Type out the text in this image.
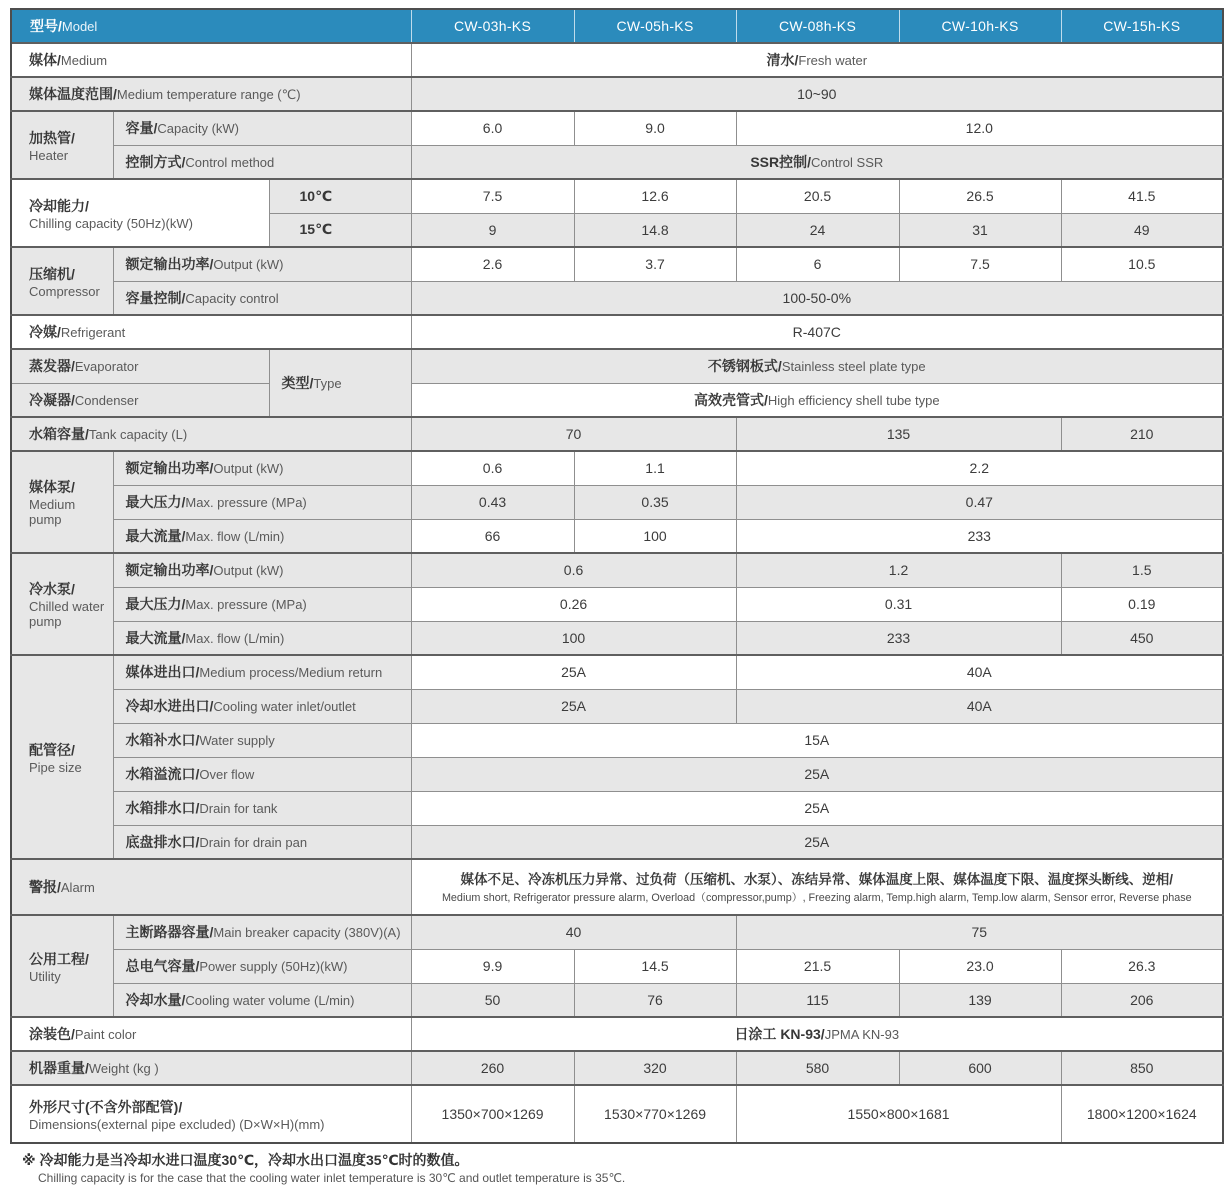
型号/Model			CW-03h-KS	CW-05h-KS	CW-08h-KS	CW-10h-KS	CW-15h-KS
媒体/Medium			清水/Fresh water				
媒体温度范围/Medium temperature range (℃)			10~90				

加热管/
Heater	容量/Capacity (kW)		6.0	9.0	12.0		
	控制方式/Control method		SSR控制/Control SSR				

冷却能力/
Chilling capacity (50Hz)(kW)		10℃	7.5	12.6	20.5	26.5	41.5
		15℃	9	14.8	24	31	49

压缩机/
Compressor	额定输出功率/Output (kW)		2.6	3.7	6	7.5	10.5
	容量控制/Capacity control		100-50-0%				
冷媒/Refrigerant			R-407C				
蒸发器/Evaporator		类型/Type	不锈钢板式/Stainless steel plate type				
冷凝器/Condenser			高效壳管式/High efficiency shell tube type				
水箱容量/Tank capacity (L)			70		135		210

媒体泵/
Medium pump	额定输出功率/Output (kW)		0.6	1.1	2.2		
	最大压力/Max. pressure (MPa)		0.43	0.35	0.47		
	最大流量/Max. flow (L/min)		66	100	233		

冷水泵/
Chilled water pump	额定输出功率/Output (kW)		0.6		1.2		1.5
	最大压力/Max. pressure (MPa)		0.26		0.31		0.19
	最大流量/Max. flow (L/min)		100		233		450

配管径/
Pipe size	媒体进出口/Medium process/Medium return		25A		40A		
	冷却水进出口/Cooling water inlet/outlet		25A		40A		
	水箱补水口/Water supply		15A				
	水箱溢流口/Over flow		25A				
	水箱排水口/Drain for tank		25A				
	底盘排水口/Drain for drain pan		25A				
警报/Alarm			媒体不足、冷冻机压力异常、过负荷（压缩机、水泵）、冻结异常、媒体温度上限、媒体温度下限、温度探头断线、逆相/
Medium short, Refrigerator pressure alarm, Overload（compressor,pump）, Freezing alarm, Temp.high alarm, Temp.low alarm, Sensor error, Reverse phase				

公用工程/
Utility	主断路器容量/Main breaker capacity (380V)(A)		40		75		
	总电气容量/Power supply (50Hz)(kW)		9.9	14.5	21.5	23.0	26.3
	冷却水量/Cooling water volume (L/min)		50	76	115	139	206
涂装色/Paint color			日涂工 KN-93/JPMA KN-93				
机器重量/Weight (kg )			260	320	580	600	850

外形尺寸(不含外部配管)/
Dimensions(external pipe excluded) (D×W×H)(mm)			1350×700×1269	1530×770×1269	1550×800×1681		1800×1200×1624
※ 冷却能力是当冷却水进口温度30℃，冷却水出口温度35℃时的数值。
Chilling capacity is for the case that the cooling water inlet temperature is 30℃ and outlet temperature is 35℃.
